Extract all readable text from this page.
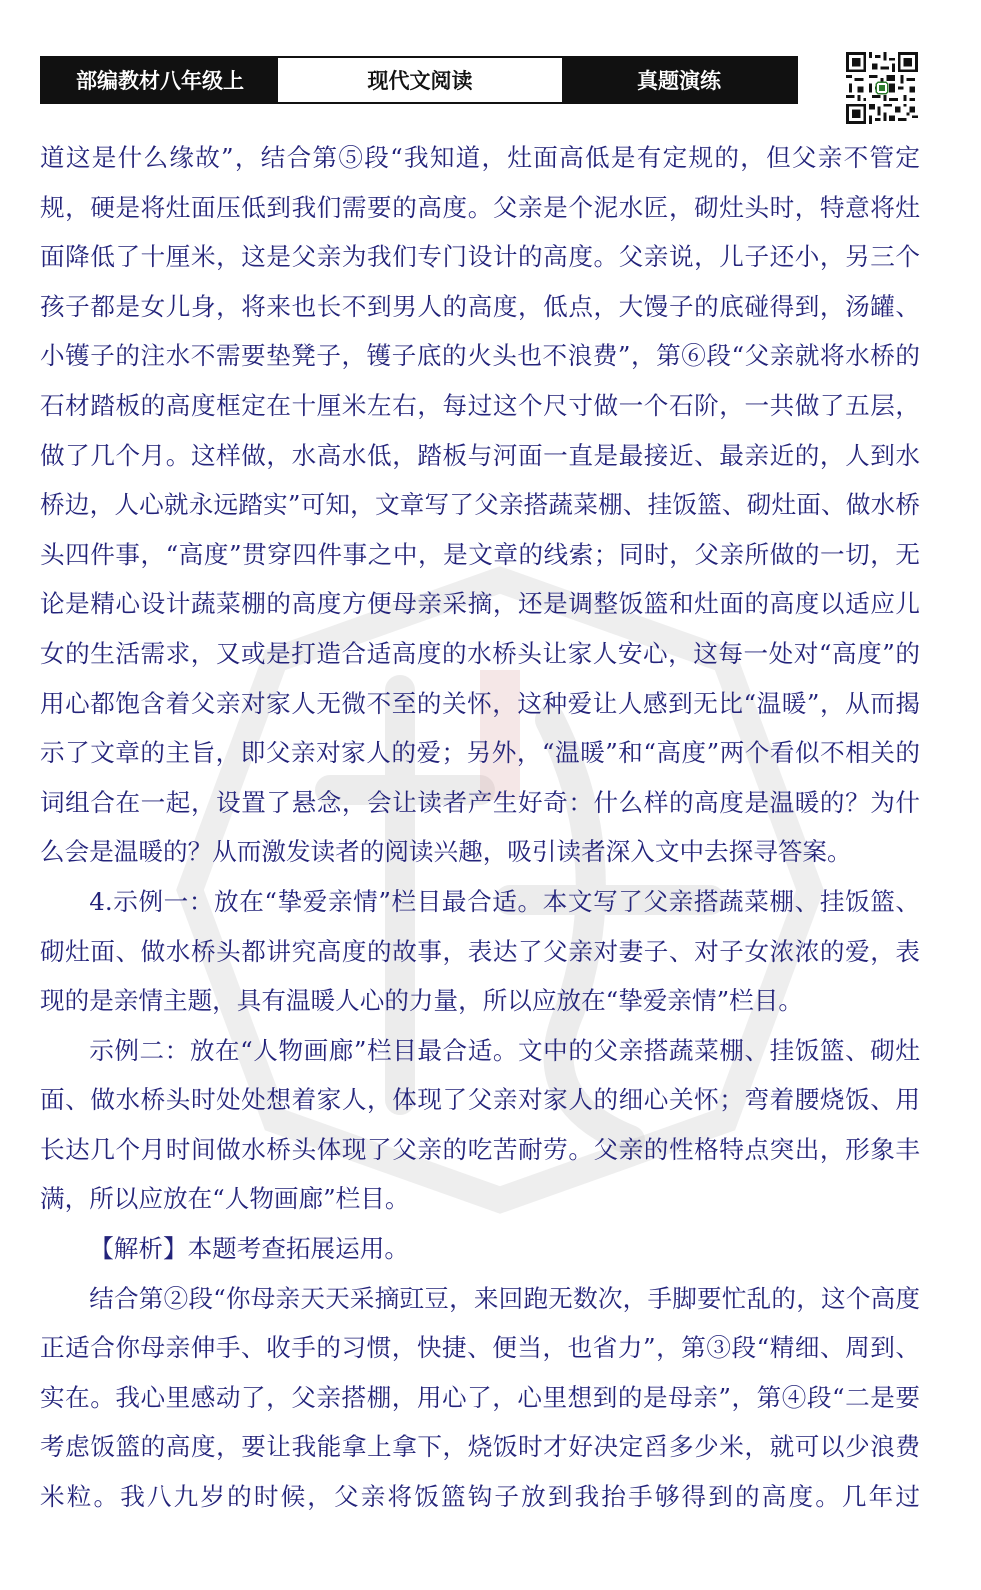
部编教材八年级上	现代文阅读	真题演练

道这是什么缘故”，结合第⑤段“我知道，灶面高低是有定规的，但父亲不管定规，硬是将灶面压低到我们需要的高度。父亲是个泥水匠，砌灶头时，特意将灶面降低了十厘米，这是父亲为我们专门设计的高度。父亲说，儿子还小，另三个孩子都是女儿身，将来也长不到男人的高度，低点，大馒子的底碰得到，汤罐、小镬子的注水不需要垫凳子，镬子底的火头也不浪费”，第⑥段“父亲就将水桥的石材踏板的高度框定在十厘米左右，每过这个尺寸做一个石阶，一共做了五层，做了几个月。这样做，水高水低，踏板与河面一直是最接近、最亲近的，人到水桥边，人心就永远踏实”可知，文章写了父亲搭蔬菜棚、挂饭篮、砌灶面、做水桥头四件事，“高度”贯穿四件事之中，是文章的线索；同时，父亲所做的一切，无论是精心设计蔬菜棚的高度方便母亲采摘，还是调整饭篮和灶面的高度以适应儿女的生活需求，又或是打造合适高度的水桥头让家人安心，这每一处对“高度”的用心都饱含着父亲对家人无微不至的关怀，这种爱让人感到无比“温暖”，从而揭示了文章的主旨，即父亲对家人的爱；另外，“温暖”和“高度”两个看似不相关的词组合在一起，设置了悬念，会让读者产生好奇：什么样的高度是温暖的？为什么会是温暖的？从而激发读者的阅读兴趣，吸引读者深入文中去探寻答案。

4.示例一：放在“挚爱亲情”栏目最合适。本文写了父亲搭蔬菜棚、挂饭篮、砌灶面、做水桥头都讲究高度的故事，表达了父亲对妻子、对子女浓浓的爱，表现的是亲情主题，具有温暖人心的力量，所以应放在“挚爱亲情”栏目。

示例二：放在“人物画廊”栏目最合适。文中的父亲搭蔬菜棚、挂饭篮、砌灶面、做水桥头时处处想着家人，体现了父亲对家人的细心关怀；弯着腰烧饭、用长达几个月时间做水桥头体现了父亲的吃苦耐劳。父亲的性格特点突出，形象丰满，所以应放在“人物画廊”栏目。

【解析】本题考查拓展运用。

结合第②段“你母亲天天采摘豇豆，来回跑无数次，手脚要忙乱的，这个高度正适合你母亲伸手、收手的习惯，快捷、便当，也省力”，第③段“精细、周到、实在。我心里感动了，父亲搭棚，用心了，心里想到的是母亲”，第④段“二是要考虑饭篮的高度，要让我能拿上拿下，烧饭时才好决定舀多少米，就可以少浪费米粒。我八九岁的时候，父亲将饭篮钩子放到我抬手够得到的高度。几年过
